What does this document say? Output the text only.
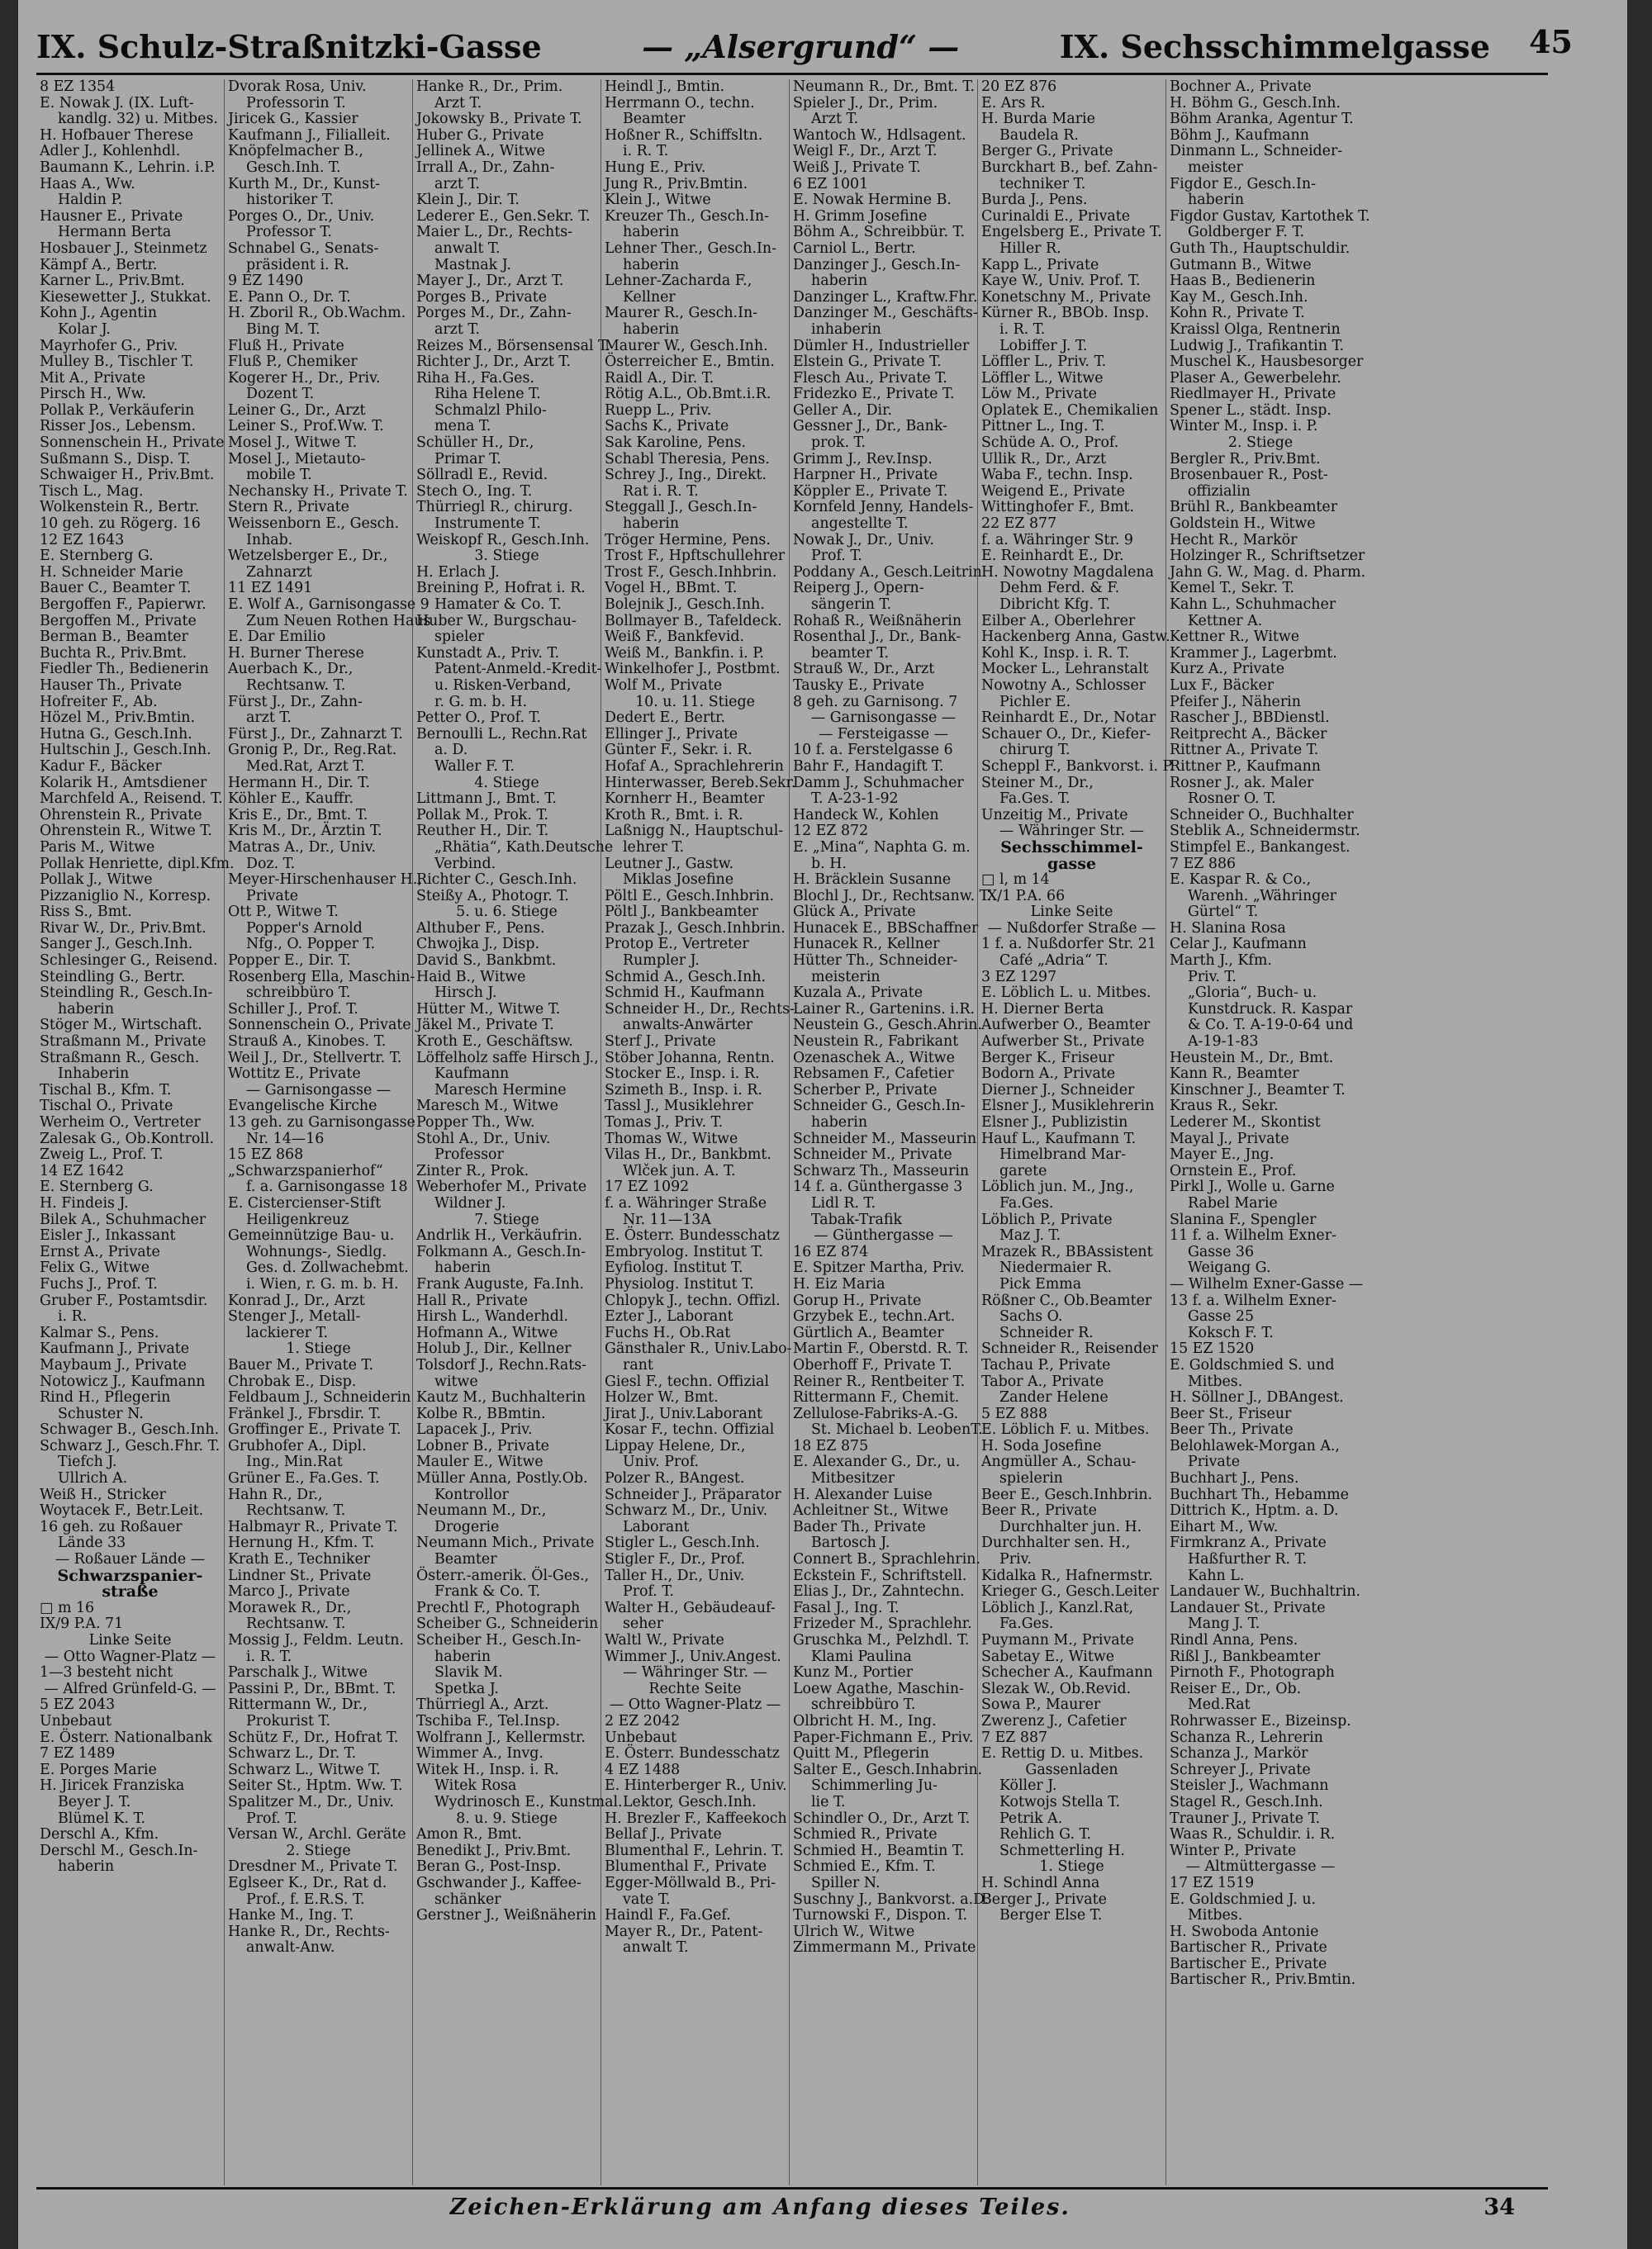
IX. Schulz-Straßnitzki-Gasse	— „Alsergrund“ —	IX. Sechsschimmelgasse 45
8 EZ 1354
E. Nowak J. (IX. Luft-
kandlg. 32) u. Mitbes.
H. Hofbauer Therese
Adler J., Kohlenhdl.
Baumann K., Lehrin. i.P.
Haas A., Ww.
Haldin P.
Hausner E., Private
Hermann Berta
Hosbauer J., Steinmetz
Kämpf A., Bertr.
Karner L., Priv.Bmt.
Kiesewetter J., Stukkat.
Kohn J., Agentin
Kolar J.
Mayrhofer G., Priv.
Mulley B., Tischler T.
Mit A., Private
Pirsch H., Ww.
Pollak P., Verkäuferin
Risser Jos., Lebensm.
Sonnenschein H., Private
Sußmann S., Disp. T.
Schwaiger H., Priv.Bmt.
Tisch L., Mag.
Wolkenstein R., Bertr.
10 geh. zu Rögerg. 16
12 EZ 1643
E. Sternberg G.
H. Schneider Marie
Bauer C., Beamter T.
Bergoffen F., Papierwr.
Bergoffen M., Private
Berman B., Beamter
Buchta R., Priv.Bmt.
Fiedler Th., Bedienerin
Hauser Th., Private
Hofreiter F., Ab.
Hözel M., Priv.Bmtin.
Hutna G., Gesch.Inh.
Hultschin J., Gesch.Inh.
Kadur F., Bäcker
Kolarik H., Amtsdiener
Marchfeld A., Reisend. T.
Ohrenstein R., Private
Ohrenstein R., Witwe T.
Paris M., Witwe
Pollak Henriette, dipl.Kfm.
Pollak J., Witwe
Pizzaniglio N., Korresp.
Riss S., Bmt.
Rivar W., Dr., Priv.Bmt.
Sanger J., Gesch.Inh.
Schlesinger G., Reisend.
Steindling G., Bertr.
Steindling R., Gesch.In-
haberin
Stöger M., Wirtschaft.
Straßmann M., Private
Straßmann R., Gesch.
Inhaberin
Tischal B., Kfm. T.
Tischal O., Private
Werheim O., Vertreter
Zalesak G., Ob.Kontroll.
Zweig L., Prof. T.
14 EZ 1642
E. Sternberg G.
H. Findeis J.
Bilek A., Schuhmacher
Eisler J., Inkassant
Ernst A., Private
Felix G., Witwe
Fuchs J., Prof. T.
Gruber F., Postamtsdir.
i. R.
Kalmar S., Pens.
Kaufmann J., Private
Maybaum J., Private
Notowicz J., Kaufmann
Rind H., Pflegerin
Schuster N.
Schwager B., Gesch.Inh.
Schwarz J., Gesch.Fhr. T.
Tiefch J.
Ullrich A.
Weiß H., Stricker
Woytacek F., Betr.Leit.
16 geh. zu Roßauer
Lände 33
— Roßauer Lände —
Schwarzspanier-
straße
□ m 16
IX/9 P.A. 71
Linke Seite
— Otto Wagner-Platz —
1—3 besteht nicht
— Alfred Grünfeld-G. —
5 EZ 2043
Unbebaut
E. Österr. Nationalbank
7 EZ 1489
E. Porges Marie
H. Jiricek Franziska
Beyer J. T.
Blümel K. T.
Derschl A., Kfm.
Derschl M., Gesch.In-
haberin
Dvorak Rosa, Univ.
Professorin T.
Jiricek G., Kassier
Kaufmann J., Filialleit.
Knöpfelmacher B.,
Gesch.Inh. T.
Kurth M., Dr., Kunst-
historiker T.
Porges O., Dr., Univ.
Professor T.
Schnabel G., Senats-
präsident i. R.
9 EZ 1490
E. Pann O., Dr. T.
H. Zboril R., Ob.Wachm.
Bing M. T.
Fluß H., Private
Fluß P., Chemiker
Kogerer H., Dr., Priv.
Dozent T.
Leiner G., Dr., Arzt
Leiner S., Prof.Ww. T.
Mosel J., Witwe T.
Mosel J., Mietauto-
mobile T.
Nechansky H., Private T.
Stern R., Private
Weissenborn E., Gesch.
Inhab.
Wetzelsberger E., Dr.,
Zahnarzt
11 EZ 1491
E. Wolf A., Garnisongasse 9
Zum Neuen Rothen Haus
E. Dar Emilio
H. Burner Therese
Auerbach K., Dr.,
Rechtsanw. T.
Fürst J., Dr., Zahn-
arzt T.
Fürst J., Dr., Zahnarzt T.
Gronig P., Dr., Reg.Rat.
Med.Rat, Arzt T.
Hermann H., Dir. T.
Köhler E., Kauffr.
Kris E., Dr., Bmt. T.
Kris M., Dr., Ärztin T.
Matras A., Dr., Univ.
Doz. T.
Meyer-Hirschenhauser H.,
Private
Ott P., Witwe T.
Popper's Arnold
Nfg., O. Popper T.
Popper E., Dir. T.
Rosenberg Ella, Maschin-
schreibbüro T.
Schiller J., Prof. T.
Sonnenschein O., Private
Strauß A., Kinobes. T.
Weil J., Dr., Stellvertr. T.
Wottitz E., Private
— Garnisongasse —
Evangelische Kirche
13 geh. zu Garnisongasse
Nr. 14—16
15 EZ 868
„Schwarzspanierhof“
f. a. Garnisongasse 18
E. Cistercienser-Stift
Heiligenkreuz
Gemeinnützige Bau- u.
Wohnungs-, Siedlg.
Ges. d. Zollwachebmt.
i. Wien, r. G. m. b. H.
Konrad J., Dr., Arzt
Stenger J., Metall-
lackierer T.
1. Stiege
Bauer M., Private T.
Chrobak E., Disp.
Feldbaum J., Schneiderin
Fränkel J., Fbrsdir. T.
Groffinger E., Private T.
Grubhofer A., Dipl.
Ing., Min.Rat
Grüner E., Fa.Ges. T.
Hahn R., Dr.,
Rechtsanw. T.
Halbmayr R., Private T.
Hernung H., Kfm. T.
Krath E., Techniker
Lindner St., Private
Marco J., Private
Morawek R., Dr.,
Rechtsanw. T.
Mossig J., Feldm. Leutn.
i. R. T.
Parschalk J., Witwe
Passini P., Dr., BBmt. T.
Rittermann W., Dr.,
Prokurist T.
Schütz F., Dr., Hofrat T.
Schwarz L., Dr. T.
Schwarz L., Witwe T.
Seiter St., Hptm. Ww. T.
Spalitzer M., Dr., Univ.
Prof. T.
Versan W., Archl. Geräte
2. Stiege
Dresdner M., Private T.
Eglseer K., Dr., Rat d.
Prof., f. E.R.S. T.
Hanke M., Ing. T.
Hanke R., Dr., Rechts-
anwalt-Anw.
Hanke R., Dr., Prim.
Arzt T.
Jokowsky B., Private T.
Huber G., Private
Jellinek A., Witwe
Irrall A., Dr., Zahn-
arzt T.
Klein J., Dir. T.
Lederer E., Gen.Sekr. T.
Maier L., Dr., Rechts-
anwalt T.
Mastnak J.
Mayer J., Dr., Arzt T.
Porges B., Private
Porges M., Dr., Zahn-
arzt T.
Reizes M., Börsensensal T.
Richter J., Dr., Arzt T.
Riha H., Fa.Ges.
Riha Helene T.
Schmalzl Philo-
mena T.
Schüller H., Dr.,
Primar T.
Söllradl E., Revid.
Stech O., Ing. T.
Thürriegl R., chirurg.
Instrumente T.
Weiskopf R., Gesch.Inh.
3. Stiege
H. Erlach J.
Breining P., Hofrat i. R.
Hamater & Co. T.
Huber W., Burgschau-
spieler
Kunstadt A., Priv. T.
Patent-Anmeld.-Kredit-
u. Risken-Verband,
r. G. m. b. H.
Petter O., Prof. T.
Bernoulli L., Rechn.Rat
a. D.
Waller F. T.
4. Stiege
Littmann J., Bmt. T.
Pollak M., Prok. T.
Reuther H., Dir. T.
„Rhätia“, Kath.Deutsche
Verbind.
Richter C., Gesch.Inh.
Steißy A., Photogr. T.
5. u. 6. Stiege
Althuber F., Pens.
Chwojka J., Disp.
David S., Bankbmt.
Haid B., Witwe
Hirsch J.
Hütter M., Witwe T.
Jäkel M., Private T.
Kroth E., Geschäftsw.
Löffelholz saffe Hirsch J.,
Kaufmann
Maresch Hermine
Maresch M., Witwe
Popper Th., Ww.
Stohl A., Dr., Univ.
Professor
Zinter R., Prok.
Weberhofer M., Private
Wildner J.
7. Stiege
Andrlik H., Verkäufrin.
Folkmann A., Gesch.In-
haberin
Frank Auguste, Fa.Inh.
Hall R., Private
Hirsh L., Wanderhdl.
Hofmann A., Witwe
Holub J., Dir., Kellner
Tolsdorf J., Rechn.Rats-
witwe
Kautz M., Buchhalterin
Kolbe R., BBmtin.
Lapacek J., Priv.
Lobner B., Private
Mauler E., Witwe
Müller Anna, Postly.Ob.
Kontrollor
Neumann M., Dr.,
Drogerie
Neumann Mich., Private
Beamter
Österr.-amerik. Öl-Ges.,
Frank & Co. T.
Prechtl F., Photograph
Scheiber G., Schneiderin
Scheiber H., Gesch.In-
haberin
Slavik M.
Spetka J.
Thürriegl A., Arzt.
Tschiba F., Tel.Insp.
Wolfrann J., Kellermstr.
Wimmer A., Invg.
Witek H., Insp. i. R.
Witek Rosa
Wydrinosch E., Kunstmal.
8. u. 9. Stiege
Amon R., Bmt.
Benedikt J., Priv.Bmt.
Beran G., Post-Insp.
Gschwander J., Kaffee-
schänker
Gerstner J., Weißnäherin
Heindl J., Bmtin.
Herrmann O., techn.
Beamter
Hoßner R., Schiffsltn.
i. R. T.
Hung E., Priv.
Jung R., Priv.Bmtin.
Klein J., Witwe
Kreuzer Th., Gesch.In-
haberin
Lehner Ther., Gesch.In-
haberin
Lehner-Zacharda F.,
Kellner
Maurer R., Gesch.In-
haberin
Maurer W., Gesch.Inh.
Österreicher E., Bmtin.
Raidl A., Dir. T.
Rötig A.L., Ob.Bmt.i.R.
Ruepp L., Priv.
Sachs K., Private
Sak Karoline, Pens.
Schabl Theresia, Pens.
Schrey J., Ing., Direkt.
Rat i. R. T.
Steggall J., Gesch.In-
haberin
Tröger Hermine, Pens.
Trost F., Hpftschullehrer
Trost F., Gesch.Inhbrin.
Vogel H., BBmt. T.
Bolejnik J., Gesch.Inh.
Bollmayer B., Tafeldeck.
Weiß F., Bankfevid.
Weiß M., Bankfin. i. P.
Winkelhofer J., Postbmt.
Wolf M., Private
10. u. 11. Stiege
Dedert E., Bertr.
Ellinger J., Private
Günter F., Sekr. i. R.
Hofaf A., Sprachlehrerin
Hinterwasser, Bereb.Sekr.
Kornherr H., Beamter
Kroth R., Bmt. i. R.
Laßnigg N., Hauptschul-
lehrer T.
Leutner J., Gastw.
Miklas Josefine
Pöltl E., Gesch.Inhbrin.
Pöltl J., Bankbeamter
Prazak J., Gesch.Inhbrin.
Protop E., Vertreter
Rumpler J.
Schmid A., Gesch.Inh.
Schmid H., Kaufmann
Schneider H., Dr., Rechts-
anwalts-Anwärter
Sterf J., Private
Stöber Johanna, Rentn.
Stocker E., Insp. i. R.
Szimeth B., Insp. i. R.
Tassl J., Musiklehrer
Tomas J., Priv. T.
Thomas W., Witwe
Vilas H., Dr., Bankbmt.
Wlček jun. A. T.
17 EZ 1092
f. a. Währinger Straße
Nr. 11—13A
E. Österr. Bundesschatz
Embryolog. Institut T.
Eyfiolog. Institut T.
Physiolog. Institut T.
Chlopyk J., techn. Offizl.
Ezter J., Laborant
Fuchs H., Ob.Rat
Gänsthaler R., Univ.Labo-
rant
Giesl F., techn. Offizial
Holzer W., Bmt.
Jirat J., Univ.Laborant
Kosar F., techn. Offizial
Lippay Helene, Dr.,
Univ. Prof.
Polzer R., BAngest.
Schneider J., Präparator
Schwarz M., Dr., Univ.
Laborant
Stigler L., Gesch.Inh.
Stigler F., Dr., Prof.
Taller H., Dr., Univ.
Prof. T.
Walter H., Gebäudeauf-
seher
Waltl W., Private
Wimmer J., Univ.Angest.
— Währinger Str. —
Rechte Seite
— Otto Wagner-Platz —
2 EZ 2042
Unbebaut
E. Österr. Bundesschatz
4 EZ 1488
E. Hinterberger R., Univ.
Lektor, Gesch.Inh.
H. Brezler F., Kaffeekoch
Bellaf J., Private
Blumenthal F., Lehrin. T.
Blumenthal F., Private
Egger-Möllwald B., Pri-
vate T.
Haindl F., Fa.Gef.
Mayer R., Dr., Patent-
anwalt T.
Neumann R., Dr., Bmt. T.
Spieler J., Dr., Prim.
Arzt T.
Wantoch W., Hdlsagent.
Weigl F., Dr., Arzt T.
Weiß J., Private T.
6 EZ 1001
E. Nowak Hermine B.
H. Grimm Josefine
Böhm A., Schreibbür. T.
Carniol L., Bertr.
Danzinger J., Gesch.In-
haberin
Danzinger L., Kraftw.Fhr.
Danzinger M., Geschäfts-
inhaberin
Dümler H., Industrieller
Elstein G., Private T.
Flesch Au., Private T.
Fridezko E., Private T.
Geller A., Dir.
Gessner J., Dr., Bank-
prok. T.
Grimm J., Rev.Insp.
Harpner H., Private
Köppler E., Private T.
Kornfeld Jenny, Handels-
angestellte T.
Nowak J., Dr., Univ.
Prof. T.
Poddany A., Gesch.Leitrin.
Reiperg J., Opern-
sängerin T.
Rohaß R., Weißnäherin
Rosenthal J., Dr., Bank-
beamter T.
Strauß W., Dr., Arzt
Tausky E., Private
8 geh. zu Garnisong. 7
— Garnisongasse —
— Fersteigasse —
10 f. a. Ferstelgasse 6
Bahr F., Handagift T.
Damm J., Schuhmacher
T. A-23-1-92
Handeck W., Kohlen
12 EZ 872
E. „Mina“, Naphta G. m.
b. H.
H. Bräcklein Susanne
Blochl J., Dr., Rechtsanw. T.
Glück A., Private
Hunacek E., BBSchaffner
Hunacek R., Kellner
Hütter Th., Schneider-
meisterin
Kuzala A., Private
Lainer R., Gartenins. i.R.
Neustein G., Gesch.Ahrin.
Neustein R., Fabrikant
Ozenaschek A., Witwe
Rebsamen F., Cafetier
Scherber P., Private
Schneider G., Gesch.In-
haberin
Schneider M., Masseurin
Schneider M., Private
Schwarz Th., Masseurin
14 f. a. Günthergasse 3
Lidl R. T.
Tabak-Trafik
— Günthergasse —
16 EZ 874
E. Spitzer Martha, Priv.
H. Eiz Maria
Gorup H., Private
Grzybek E., techn.Art.
Gürtlich A., Beamter
Martin F., Oberstd. R. T.
Oberhoff F., Private T.
Reiner R., Rentbeiter T.
Rittermann F., Chemit.
Zellulose-Fabriks-A.-G.
St. Michael b. LeobenT.
18 EZ 875
E. Alexander G., Dr., u.
Mitbesitzer
H. Alexander Luise
Achleitner St., Witwe
Bader Th., Private
Bartosch J.
Connert B., Sprachlehrin.
Eckstein F., Schriftstell.
Elias J., Dr., Zahntechn.
Fasal J., Ing. T.
Frizeder M., Sprachlehr.
Gruschka M., Pelzhdl. T.
Klami Paulina
Kunz M., Portier
Loew Agathe, Maschin-
schreibbüro T.
Olbricht H. M., Ing.
Paper-Fichmann E., Priv.
Quitt M., Pflegerin
Salter E., Gesch.Inhabrin.
Schimmerling Ju-
lie T.
Schindler O., Dr., Arzt T.
Schmied R., Private
Schmied H., Beamtin T.
Schmied E., Kfm. T.
Spiller N.
Suschny J., Bankvorst. a.D.
Turnowski F., Dispon. T.
Ulrich W., Witwe
Zimmermann M., Private
20 EZ 876
E. Ars R.
H. Burda Marie
Baudela R.
Berger G., Private
Burckhart B., bef. Zahn-
techniker T.
Burda J., Pens.
Curinaldi E., Private
Engelsberg E., Private T.
Hiller R.
Kapp L., Private
Kaye W., Univ. Prof. T.
Konetschny M., Private
Kürner R., BBOb. Insp.
i. R. T.
Lobiffer J. T.
Löffler L., Priv. T.
Löffler L., Witwe
Löw M., Private
Oplatek E., Chemikalien
Pittner L., Ing. T.
Schüde A. O., Prof.
Ullik R., Dr., Arzt
Waba F., techn. Insp.
Weigend E., Private
Wittinghofer F., Bmt.
22 EZ 877
f. a. Währinger Str. 9
E. Reinhardt E., Dr.
H. Nowotny Magdalena
Dehm Ferd. & F.
Dibricht Kfg. T.
Eilber A., Oberlehrer
Hackenberg Anna, Gastw.
Kohl K., Insp. i. R. T.
Mocker L., Lehranstalt
Nowotny A., Schlosser
Pichler E.
Reinhardt E., Dr., Notar
Schauer O., Dr., Kiefer-
chirurg T.
Scheppl F., Bankvorst. i. P.
Steiner M., Dr.,
Fa.Ges. T.
Unzeitig M., Private
— Währinger Str. —
Sechsschimmel-
gasse
□ l, m 14
IX/1 P.A. 66
Linke Seite
— Nußdorfer Straße —
1 f. a. Nußdorfer Str. 21
Café „Adria“ T.
3 EZ 1297
E. Löblich L. u. Mitbes.
H. Dierner Berta
Aufwerber O., Beamter
Aufwerber St., Private
Berger K., Friseur
Bodorn A., Private
Dierner J., Schneider
Elsner J., Musiklehrerin
Elsner J., Publizistin
Hauf L., Kaufmann T.
Himelbrand Mar-
garete
Löblich jun. M., Jng.,
Fa.Ges.
Löblich P., Private
Maz J. T.
Mrazek R., BBAssistent
Niedermaier R.
Pick Emma
Rößner C., Ob.Beamter
Sachs O.
Schneider R.
Schneider R., Reisender
Tachau P., Private
Tabor A., Private
Zander Helene
5 EZ 888
E. Löblich F. u. Mitbes.
H. Soda Josefine
Angmüller A., Schau-
spielerin
Beer E., Gesch.Inhbrin.
Beer R., Private
Durchhalter jun. H.
Durchhalter sen. H.,
Priv.
Kidalka R., Hafnermstr.
Krieger G., Gesch.Leiter
Löblich J., Kanzl.Rat,
Fa.Ges.
Puymann M., Private
Sabetay E., Witwe
Schecher A., Kaufmann
Slezak W., Ob.Revid.
Sowa P., Maurer
Zwerenz J., Cafetier
7 EZ 887
E. Rettig D. u. Mitbes.
Gassenladen
Köller J.
Kotwojs Stella T.
Petrik A.
Rehlich G. T.
Schmetterling H.
1. Stiege
H. Schindl Anna
Berger J., Private
Berger Else T.
Bochner A., Private
H. Böhm G., Gesch.Inh.
Böhm Aranka, Agentur T.
Böhm J., Kaufmann
Dinmann L., Schneider-
meister
Figdor E., Gesch.In-
haberin
Figdor Gustav, Kartothek T.
Goldberger F. T.
Guth Th., Hauptschuldir.
Gutmann B., Witwe
Haas B., Bedienerin
Kay M., Gesch.Inh.
Kohn R., Private T.
Kraissl Olga, Rentnerin
Ludwig J., Trafikantin T.
Muschel K., Hausbesorger
Plaser A., Gewerbelehr.
Riedlmayer H., Private
Spener L., städt. Insp.
Winter M., Insp. i. P.
2. Stiege
Bergler R., Priv.Bmt.
Brosenbauer R., Post-
offizialin
Brühl R., Bankbeamter
Goldstein H., Witwe
Hecht R., Markör
Holzinger R., Schriftsetzer
Jahn G. W., Mag. d. Pharm.
Kemel T., Sekr. T.
Kahn L., Schuhmacher
Kettner A.
Kettner R., Witwe
Krammer J., Lagerbmt.
Kurz A., Private
Lux F., Bäcker
Pfeifer J., Näherin
Rascher J., BBDienstl.
Reitprecht A., Bäcker
Rittner A., Private T.
Rittner P., Kaufmann
Rosner J., ak. Maler
Rosner O. T.
Schneider O., Buchhalter
Steblik A., Schneidermstr.
Stimpfel E., Bankangest.
7 EZ 886
E. Kaspar R. & Co.,
Warenh. „Währinger
Gürtel“ T.
H. Slanina Rosa
Celar J., Kaufmann
Marth J., Kfm.
Priv. T.
„Gloria“, Buch- u.
Kunstdruck. R. Kaspar
& Co. T. A-19-0-64 und
A-19-1-83
Heustein M., Dr., Bmt.
Kann R., Beamter
Kinschner J., Beamter T.
Kraus R., Sekr.
Lederer M., Skontist
Mayal J., Private
Mayer E., Jng.
Ornstein E., Prof.
Pirkl J., Wolle u. Garne
Rabel Marie
Slanina F., Spengler
11 f. a. Wilhelm Exner-
Gasse 36
Weigang G.
— Wilhelm Exner-Gasse —
13 f. a. Wilhelm Exner-
Gasse 25
Koksch F. T.
15 EZ 1520
E. Goldschmied S. und
Mitbes.
H. Söllner J., DBAngest.
Beer St., Friseur
Beer Th., Private
Belohlawek-Morgan A.,
Private
Buchhart J., Pens.
Buchhart Th., Hebamme
Dittrich K., Hptm. a. D.
Eihart M., Ww.
Firmkranz A., Private
Haßfurther R. T.
Kahn L.
Landauer W., Buchhaltrin.
Landauer St., Private
Mang J. T.
Rindl Anna, Pens.
Rißl J., Bankbeamter
Pirnoth F., Photograph
Reiser E., Dr., Ob.
Med.Rat
Rohrwasser E., Bizeinsp.
Schanza R., Lehrerin
Schanza J., Markör
Schreyer J., Private
Steisler J., Wachmann
Stagel R., Gesch.Inh.
Trauner J., Private T.
Waas R., Schuldir. i. R.
Winter P., Private
— Altmüttergasse —
17 EZ 1519
E. Goldschmied J. u.
Mitbes.
H. Swoboda Antonie
Bartischer R., Private
Bartischer E., Private
Bartischer R., Priv.Bmtin.
Zeichen-Erklärung am Anfang dieses Teiles.	34
